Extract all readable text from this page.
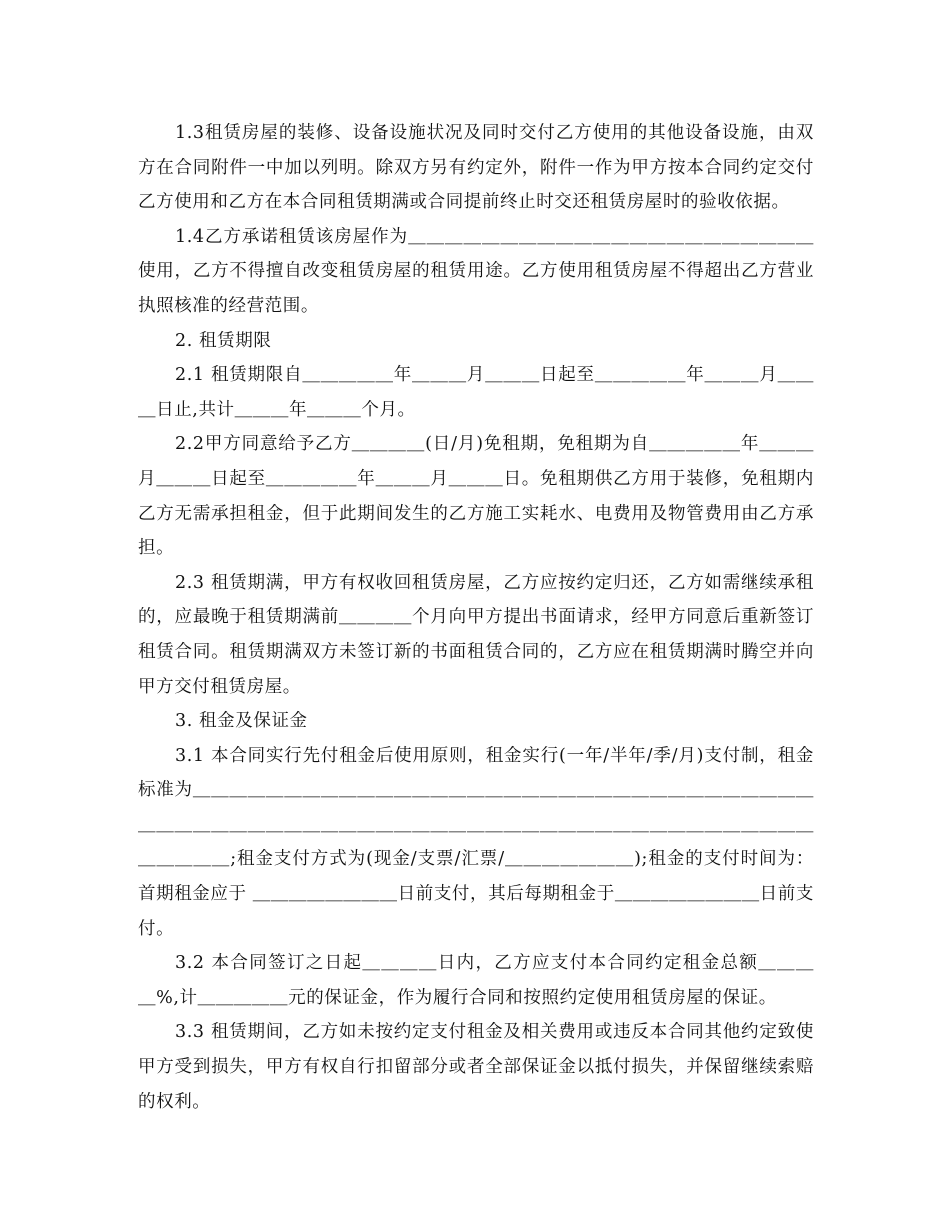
1.3租赁房屋的装修、设备设施状况及同时交付乙方使用的其他设备设施，由双方在合同附件一中加以列明。除双方另有约定外，附件一作为甲方按本合同约定交付乙方使用和乙方在本合同租赁期满或合同提前终止时交还租赁房屋时的验收依据。

1.4乙方承诺租赁该房屋作为＿＿＿＿＿＿＿＿＿＿＿＿＿＿＿＿＿＿＿＿＿＿使用，乙方不得擅自改变租赁房屋的租赁用途。乙方使用租赁房屋不得超出乙方营业执照核准的经营范围。

2. 租赁期限

2.1 租赁期限自＿＿＿＿＿年＿＿＿月＿＿＿日起至＿＿＿＿＿年＿＿＿月＿＿＿日止,共计＿＿＿年＿＿＿个月。

2.2甲方同意给予乙方＿＿＿＿(日/月)免租期，免租期为自＿＿＿＿＿年＿＿＿月＿＿＿日起至＿＿＿＿＿年＿＿＿月＿＿＿日。免租期供乙方用于装修，免租期内乙方无需承担租金，但于此期间发生的乙方施工实耗水、电费用及物管费用由乙方承担。

2.3 租赁期满，甲方有权收回租赁房屋，乙方应按约定归还，乙方如需继续承租的，应最晚于租赁期满前＿＿＿＿个月向甲方提出书面请求，经甲方同意后重新签订租赁合同。租赁期满双方未签订新的书面租赁合同的，乙方应在租赁期满时腾空并向甲方交付租赁房屋。

3. 租金及保证金

3.1 本合同实行先付租金后使用原则，租金实行(一年/半年/季/月)支付制，租金标准为＿＿＿＿＿＿＿＿＿＿＿＿＿＿＿＿＿＿＿＿＿＿＿＿＿＿＿＿＿＿＿＿＿＿＿＿＿＿＿＿＿＿＿＿＿＿＿＿＿＿＿＿＿＿＿＿＿＿＿＿＿＿＿＿＿＿＿＿＿＿＿＿＿＿＿＿;租金支付方式为(现金/支票/汇票/＿＿＿＿＿＿＿);租金的支付时间为：首期租金应于 ＿＿＿＿＿＿＿＿日前支付，其后每期租金于＿＿＿＿＿＿＿＿日前支付。

3.2 本合同签订之日起＿＿＿＿日内，乙方应支付本合同约定租金总额＿＿＿＿%,计＿＿＿＿＿元的保证金，作为履行合同和按照约定使用租赁房屋的保证。

3.3 租赁期间，乙方如未按约定支付租金及相关费用或违反本合同其他约定致使甲方受到损失，甲方有权自行扣留部分或者全部保证金以抵付损失，并保留继续索赔的权利。
